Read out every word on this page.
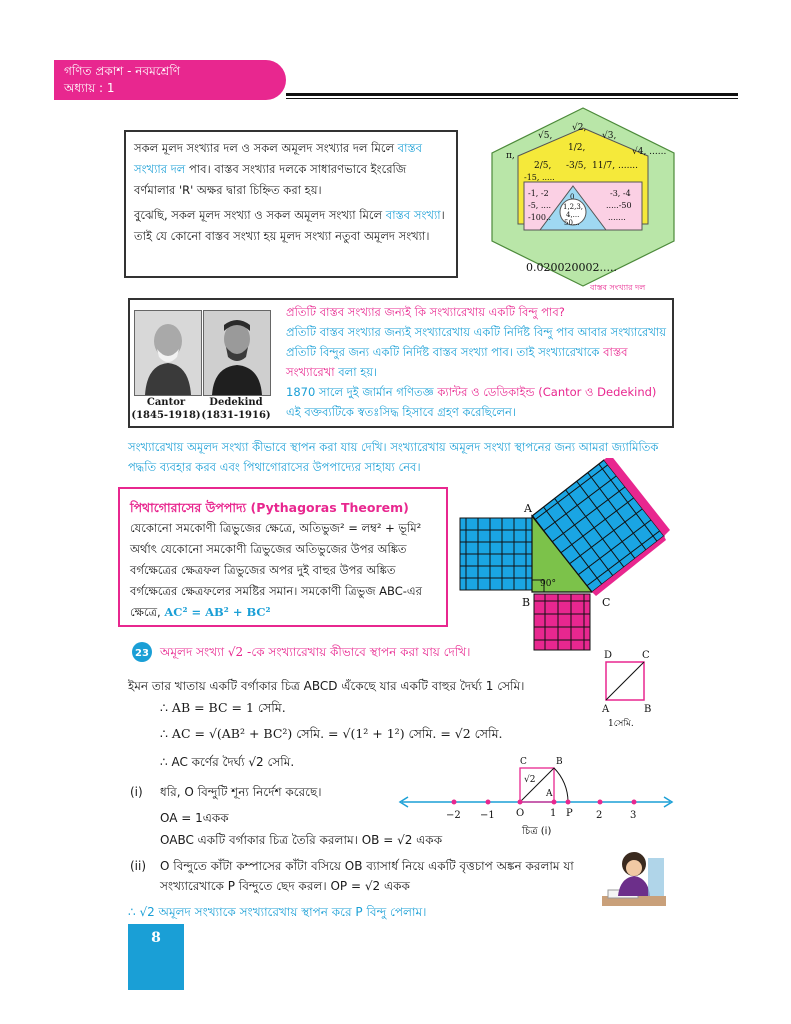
গণিত প্রকাশ - নবমশ্রেণি
অধ্যায় : 1
সকল মূলদ সংখ্যার দল ও সকল অমূলদ সংখ্যার দল মিলে বাস্তব সংখ্যার দল পাব। বাস্তব সংখ্যার দলকে সাধারণভাবে ইংরেজি বর্ণমালার 'R' অক্ষর দ্বারা চিহ্নিত করা হয়।
বুঝেছি, সকল মূলদ সংখ্যা ও সকল অমূলদ সংখ্যা মিলে বাস্তব সংখ্যা। তাই যে কোনো বাস্তব সংখ্যা হয় মূলদ সংখ্যা নতুবা অমূলদ সংখ্যা।
√5,
√2,
√3,
π,	√4, ......
2/5,
1/2,
-3/5, 11/7, .......
-15, .....
-1, -2	-3, -4
-5, ....	.....-50
-100..	.......
0
1,2,3,
4,...
50...
0.020020002.....
বাস্তব সংখ্যার দল
Cantor
(1845-1918)
Dedekind
(1831-1916)
প্রতিটি বাস্তব সংখ্যার জন্যই কি সংখ্যারেখায় একটি বিন্দু পাব?
প্রতিটি বাস্তব সংখ্যার জন্যই সংখ্যারেখায় একটি নির্দিষ্ট বিন্দু পাব আবার সংখ্যারেখায় প্রতিটি বিন্দুর জন্য একটি নির্দিষ্ট বাস্তব সংখ্যা পাব। তাই সংখ্যারেখাকে বাস্তব সংখ্যারেখা বলা হয়।
1870 সালে দুই জার্মান গণিতজ্ঞ ক্যান্টর ও ডেডিকাইন্ড (Cantor ও Dedekind) এই বক্তব্যটিকে স্বতঃসিদ্ধ হিসাবে গ্রহণ করেছিলেন।
সংখ্যারেখায় অমূলদ সংখ্যা কীভাবে স্থাপন করা যায় দেখি। সংখ্যারেখায় অমূলদ সংখ্যা স্থাপনের জন্য আমরা জ্যামিতিক পদ্ধতি ব্যবহার করব এবং পিথাগোরাসের উপপাদ্যের সাহায্য নেব।
পিথাগোরাসের উপপাদ্য (Pythagoras Theorem)
যেকোনো সমকোণী ত্রিভুজের ক্ষেত্রে, অতিভুজ² = লম্ব² + ভূমি²
অর্থাৎ যেকোনো সমকোণী ত্রিভুজের অতিভুজের উপর অঙ্কিত বর্গক্ষেত্রের ক্ষেত্রফল ত্রিভুজের অপর দুই বাহুর উপর অঙ্কিত বর্গক্ষেত্রের ক্ষেত্রফলের সমষ্টির সমান। সমকোণী ত্রিভুজ ABC-এর ক্ষেত্রে, AC² = AB² + BC²
A
B	C
90°
23 অমূলদ সংখ্যা √2 -কে সংখ্যারেখায় কীভাবে স্থাপন করা যায় দেখি।
ইমন তার খাতায় একটি বর্গাকার চিত্র ABCD এঁকেছে যার একটি বাহুর দৈর্ঘ্য 1 সেমি।
D	C
A	B
1সেমি.
∴ AB = BC = 1 সেমি.
∴ AC = √(AB² + BC²) সেমি. = √(1² + 1²) সেমি. = √2 সেমি.
∴ AC কর্ণের দৈর্ঘ্য √2 সেমি.
(i) ধরি, O বিন্দুটি শূন্য নির্দেশ করেছে।
OA = 1একক
OABC একটি বর্গাকার চিত্র তৈরি করলাম। OB = √2 একক
−2 −1 O	1 P 2	3
C	B
A
√2
চিত্র (i)
(ii) O বিন্দুতে কাঁটা কম্পাসের কাঁটা বসিয়ে OB ব্যাসার্ধ নিয়ে একটি বৃত্তচাপ অঙ্কন করলাম যা সংখ্যারেখাকে P বিন্দুতে ছেদ করল। OP = √2 একক
∴ √2 অমূলদ সংখ্যাকে সংখ্যারেখায় স্থাপন করে P বিন্দু পেলাম।
8
